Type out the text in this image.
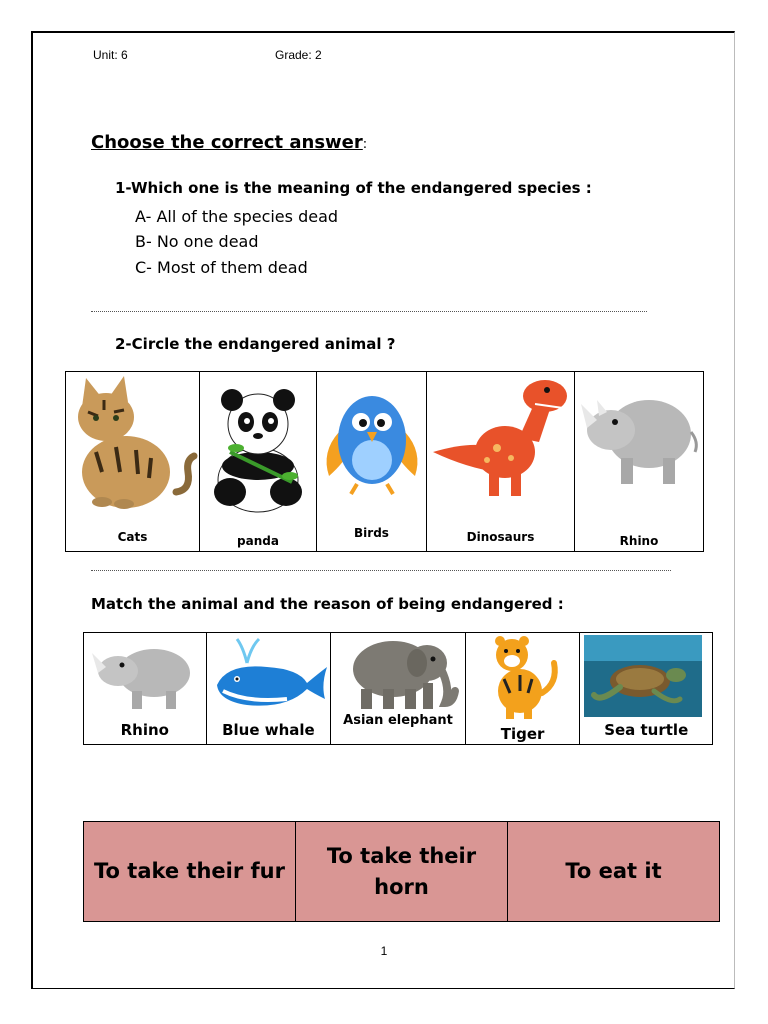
Unit: 6	Grade: 2
Choose the correct answer:
1-Which one is the meaning of the endangered species :
A- All of the species dead
B- No one dead
C- Most of them dead
2-Circle the endangered animal ?
Cats	panda
Birds	Dinosaurs	Rhino
Match the animal and the reason of being endangered :
Rhino	Blue whale
Asian elephant
Tiger	Sea turtle
To take their fur
To take their horn
To eat it
1
